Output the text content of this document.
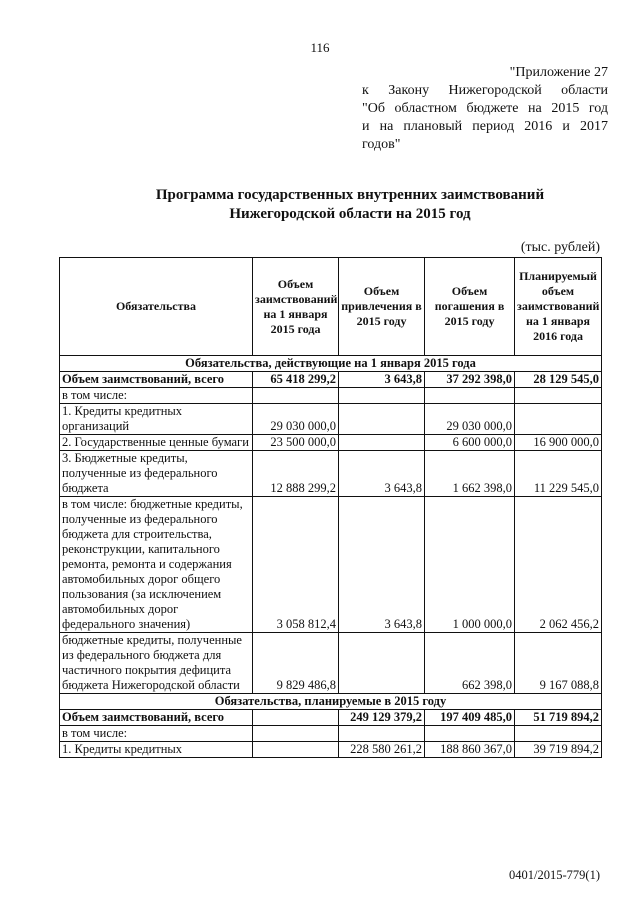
116
"Приложение 27
к Закону Нижегородской области
"Об областном бюджете на 2015 год
и на плановый период 2016 и 2017
годов"
Программа государственных внутренних заимствований
Нижегородской области на 2015 год
(тыс. рублей)
Обязательства	Объем заимствований на 1 января 2015 года	Объем привлечения в 2015 году	Объем погашения в 2015 году	Планируемый объем заимствований на 1 января 2016 года
Обязательства, действующие на 1 января 2015 года				
Объем заимствований, всего	65 418 299,2	3 643,8	37 292 398,0	28 129 545,0
в том числе:				
1. Кредиты кредитных организаций	29 030 000,0		29 030 000,0	
2. Государственные ценные бумаги	23 500 000,0		6 600 000,0	16 900 000,0
3. Бюджетные кредиты, полученные из федерального бюджета	12 888 299,2	3 643,8	1 662 398,0	11 229 545,0
в том числе: бюджетные кредиты, полученные из федерального бюджета для строительства, реконструкции, капитального ремонта, ремонта и содержания автомобильных дорог общего пользования (за исключением автомобильных дорог федерального значения)	3 058 812,4	3 643,8	1 000 000,0	2 062 456,2
бюджетные кредиты, полученные из федерального бюджета для частичного покрытия дефицита бюджета Нижегородской области	9 829 486,8		662 398,0	9 167 088,8
Обязательства, планируемые в 2015 году				
Объем заимствований, всего		249 129 379,2	197 409 485,0	51 719 894,2
в том числе:				
1. Кредиты кредитных		228 580 261,2	188 860 367,0	39 719 894,2
0401/2015-779(1)
